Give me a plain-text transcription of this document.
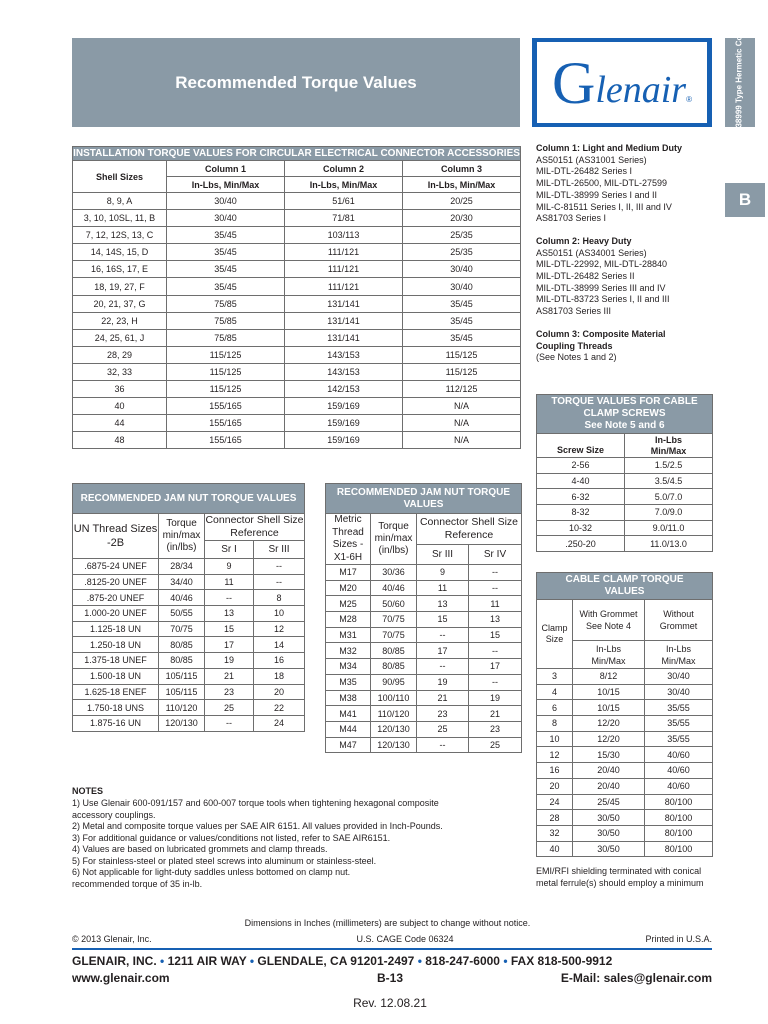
Recommended Torque Values G lenair ®	MIL-DTL-38999 Type Hermetic Connectors
B
INSTALLATION TORQUE VALUES FOR CIRCULAR ELECTRICAL CONNECTOR ACCESSORIES			
Shell Sizes	Column 1	Column 2	Column 3
	In-Lbs, Min/Max	In-Lbs, Min/Max	In-Lbs, Min/Max
8, 9, A	30/40	51/61	20/25
3, 10, 10SL, 11, B	30/40	71/81	20/30
7, 12, 12S, 13, C	35/45	103/113	25/35
14, 14S, 15, D	35/45	111/121	25/35
16, 16S, 17, E	35/45	111/121	30/40
18, 19, 27, F	35/45	111/121	30/40
20, 21, 37, G	75/85	131/141	35/45
22, 23, H	75/85	131/141	35/45
24, 25, 61, J	75/85	131/141	35/45
28, 29	115/125	143/153	115/125
32, 33	115/125	143/153	115/125
36	115/125	142/153	112/125
40	155/165	159/169	N/A
44	155/165	159/169	N/A
48	155/165	159/169	N/A
RECOMMENDED JAM NUT TORQUE VALUES			
UN Thread Sizes -2B	Torque min/max (in/lbs)	Connector Shell Size Reference	
		Sr I	Sr III
.6875-24 UNEF	28/34	9	--
.8125-20 UNEF	34/40	11	--
.875-20 UNEF	40/46	--	8
1.000-20 UNEF	50/55	13	10
1.125-18 UN	70/75	15	12
1.250-18 UN	80/85	17	14
1.375-18 UNEF	80/85	19	16
1.500-18 UN	105/115	21	18
1.625-18 ENEF	105/115	23	20
1.750-18 UNS	110/120	25	22
1.875-16 UN	120/130	--	24
RECOMMENDED JAM NUT TORQUE VALUES			
Metric Thread Sizes - X1-6H	Torque min/max (in/lbs)	Connector Shell Size Reference	
		Sr III	Sr IV
M17	30/36	9	--
M20	40/46	11	--
M25	50/60	13	11
M28	70/75	15	13
M31	70/75	--	15
M32	80/85	17	--
M34	80/85	--	17
M35	90/95	19	--
M38	100/110	21	19
M41	110/120	23	21
M44	120/130	25	23
M47	120/130	--	25
Column 1: Light and Medium Duty
AS50151 (AS31001 Series)
MIL-DTL-26482 Series I
MIL-DTL-26500, MIL-DTL-27599
MIL-DTL-38999 Series I and II
MIL-C-81511 Series I, II, III and IV
AS81703 Series I
Column 2: Heavy Duty
AS50151 (AS34001 Series)
MIL-DTL-22992, MIL-DTL-28840
MIL-DTL-26482 Series II
MIL-DTL-38999 Series III and IV
MIL-DTL-83723 Series I, II and III
AS81703 Series III
Column 3: Composite Material
Coupling Threads
(See Notes 1 and 2)
TORQUE VALUES FOR CABLE CLAMP SCREWS
See Note 5 and 6	
Screw Size	In-Lbs Min/Max
2-56	1.5/2.5
4-40	3.5/4.5
6-32	5.0/7.0
8-32	7.0/9.0
10-32	9.0/11.0
.250-20	11.0/13.0
CABLE CLAMP TORQUE VALUES		
Clamp Size	With Grommet See Note 4	Without Grommet
	In-Lbs Min/Max	In-Lbs Min/Max
3	8/12	30/40
4	10/15	30/40
6	10/15	35/55
8	12/20	35/55
10	12/20	35/55
12	15/30	40/60
16	20/40	40/60
20	20/40	40/60
24	25/45	80/100
28	30/50	80/100
32	30/50	80/100
40	30/50	80/100
EMI/RFI shielding terminated with conical metal ferrule(s) should employ a minimum
NOTES
1) Use Glenair 600-091/157 and 600-007 torque tools when tightening hexagonal composite accessory couplings.
2) Metal and composite torque values per SAE AIR 6151. All values provided in Inch-Pounds.
3) For additional guidance or values/conditions not listed, refer to SAE AIR6151.
4) Values are based on lubricated grommets and clamp threads.
5) For stainless-steel or plated steel screws into aluminum or stainless-steel.
6) Not applicable for light-duty saddles unless bottomed on clamp nut.
recommended torque of 35 in-lb.
Dimensions in Inches (millimeters) are subject to change without notice.
© 2013 Glenair, Inc.	U.S. CAGE Code 06324	Printed in U.S.A.
GLENAIR, INC. • 1211 AIR WAY • GLENDALE, CA 91201-2497 • 818-247-6000 • FAX 818-500-9912
www.glenair.com	B-13	E-Mail: sales@glenair.com
Rev. 12.08.21
